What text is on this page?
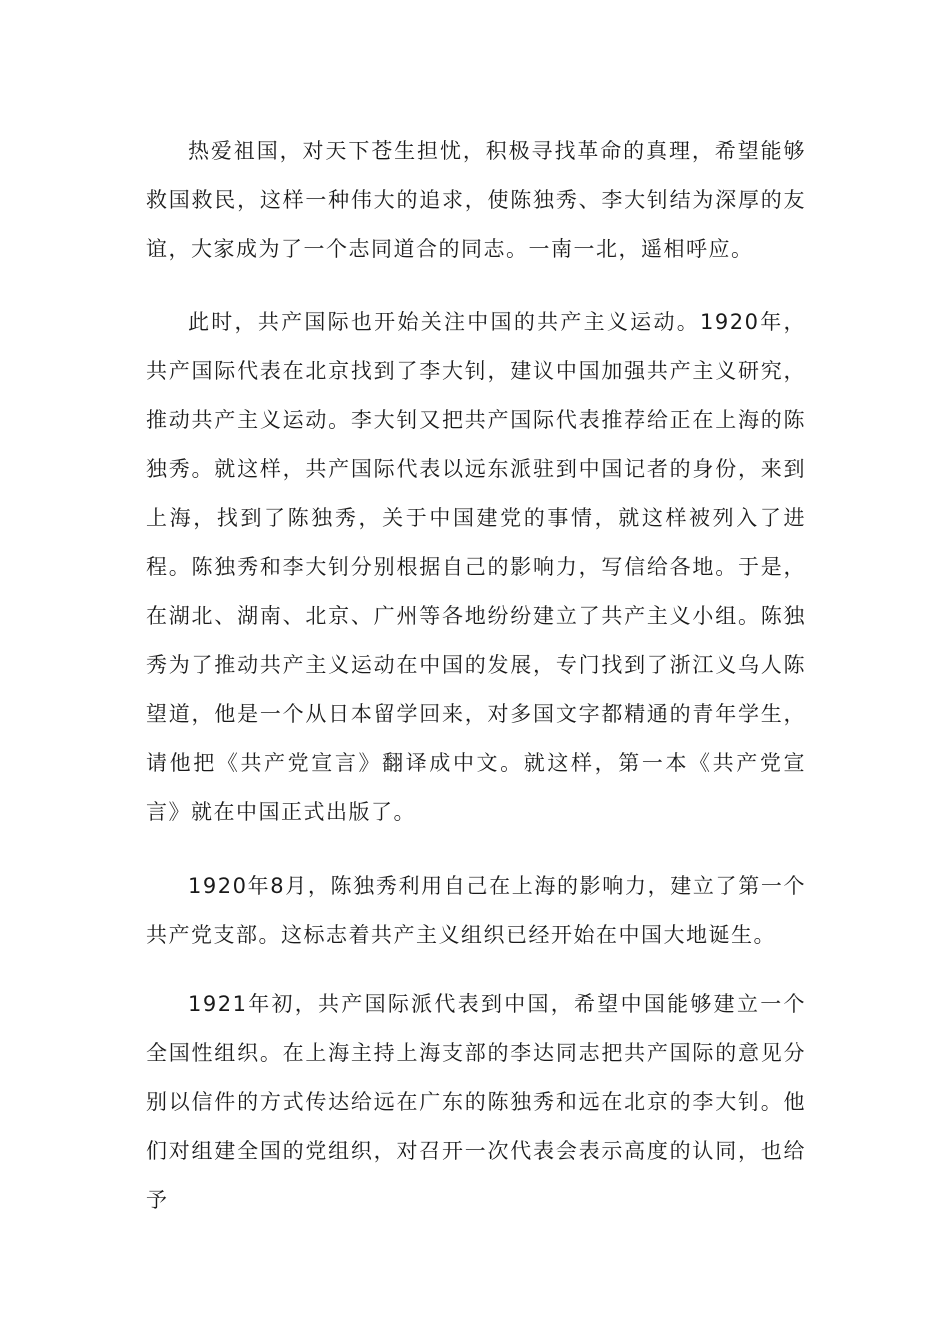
热爱祖国，对天下苍生担忧，积极寻找革命的真理，希望能够救国救民，这样一种伟大的追求，使陈独秀、李大钊结为深厚的友谊，大家成为了一个志同道合的同志。一南一北，遥相呼应。

此时，共产国际也开始关注中国的共产主义运动。1920年，共产国际代表在北京找到了李大钊，建议中国加强共产主义研究，推动共产主义运动。李大钊又把共产国际代表推荐给正在上海的陈独秀。就这样，共产国际代表以远东派驻到中国记者的身份，来到上海，找到了陈独秀，关于中国建党的事情，就这样被列入了进程。陈独秀和李大钊分别根据自己的影响力，写信给各地。于是，在湖北、湖南、北京、广州等各地纷纷建立了共产主义小组。陈独秀为了推动共产主义运动在中国的发展，专门找到了浙江义乌人陈望道，他是一个从日本留学回来，对多国文字都精通的青年学生，请他把《共产党宣言》翻译成中文。就这样，第一本《共产党宣言》就在中国正式出版了。

1920年8月，陈独秀利用自己在上海的影响力，建立了第一个共产党支部。这标志着共产主义组织已经开始在中国大地诞生。

1921年初，共产国际派代表到中国，希望中国能够建立一个全国性组织。在上海主持上海支部的李达同志把共产国际的意见分别以信件的方式传达给远在广东的陈独秀和远在北京的李大钊。他们对组建全国的党组织，对召开一次代表会表示高度的认同，也给予
